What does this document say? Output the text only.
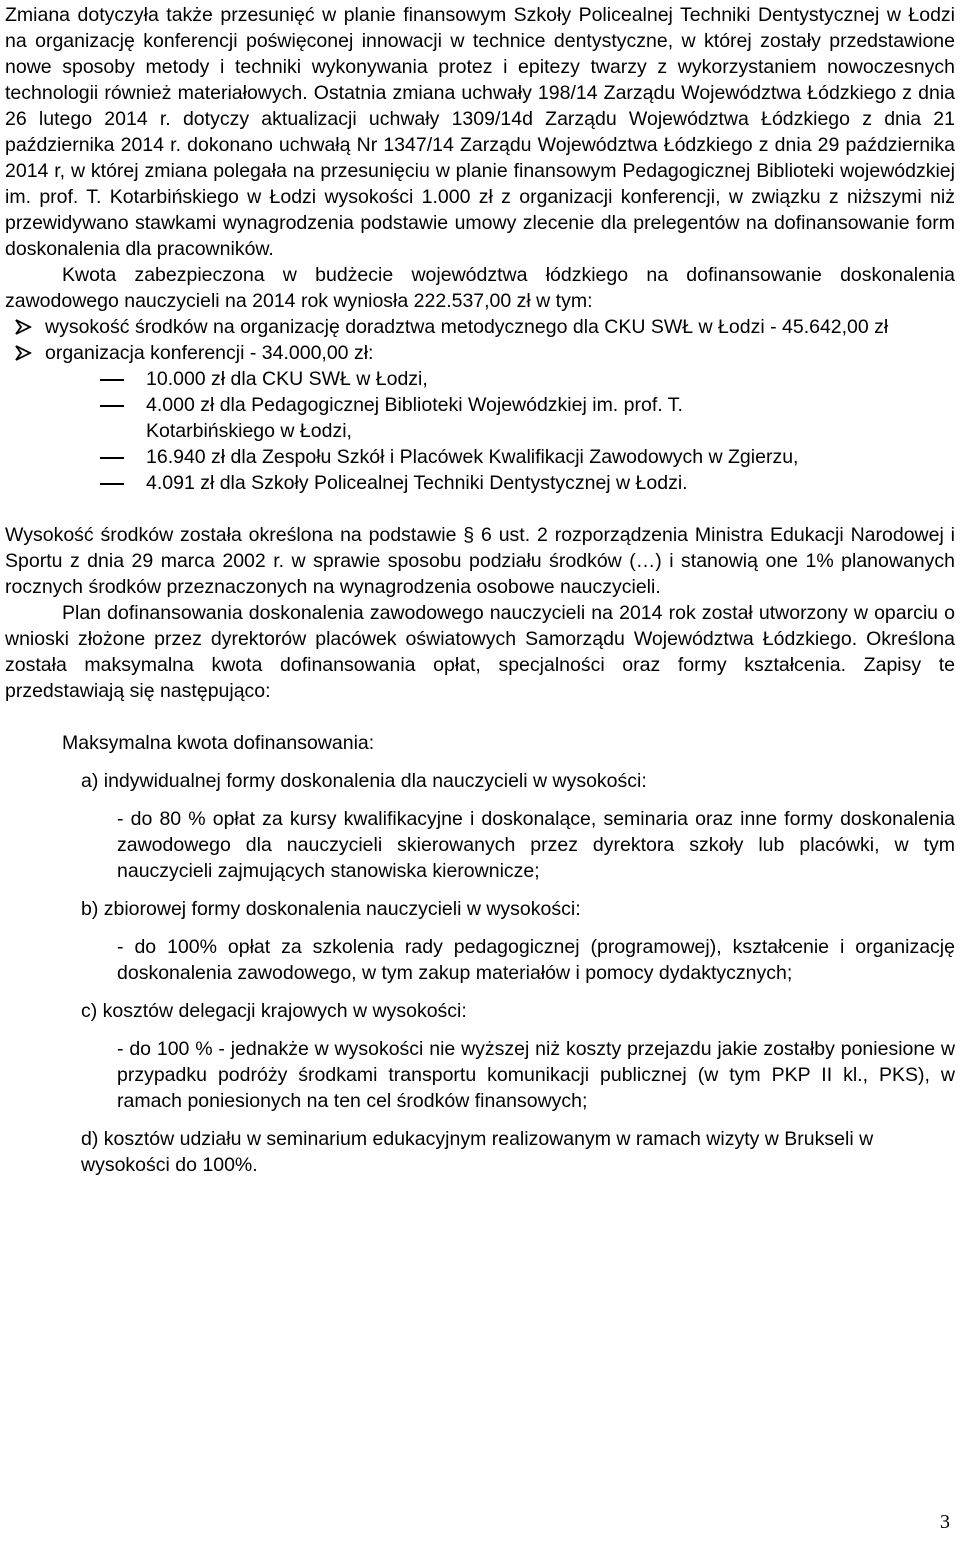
Zmiana dotyczyła także przesunięć w planie finansowym Szkoły Policealnej Techniki Dentystycznej w Łodzi na organizację konferencji poświęconej innowacji w technice dentystyczne, w której zostały przedstawione nowe sposoby metody i techniki wykonywania protez i epitezy twarzy z wykorzystaniem nowoczesnych technologii również materiałowych. Ostatnia zmiana uchwały 198/14 Zarządu Województwa Łódzkiego z dnia 26 lutego 2014 r. dotyczy aktualizacji uchwały 1309/14d Zarządu Województwa Łódzkiego z dnia 21 października 2014 r. dokonano uchwałą Nr 1347/14 Zarządu Województwa Łódzkiego z dnia 29 października 2014 r, w której zmiana polegała na przesunięciu w planie finansowym Pedagogicznej Biblioteki wojewódzkiej im. prof. T. Kotarbińskiego w Łodzi wysokości 1.000 zł z organizacji konferencji, w związku z niższymi niż przewidywano stawkami wynagrodzenia podstawie umowy zlecenie dla prelegentów na dofinansowanie form doskonalenia dla pracowników.

Kwota zabezpieczona w budżecie województwa łódzkiego na dofinansowanie doskonalenia zawodowego nauczycieli na 2014 rok wyniosła 222.537,00 zł w tym:

wysokość środków na organizację doradztwa metodycznego dla CKU SWŁ w Łodzi - 45.642,00 zł
organizacja konferencji - 34.000,00 zł:
10.000 zł dla CKU SWŁ w Łodzi,
4.000 zł dla Pedagogicznej Biblioteki Wojewódzkiej im. prof. T. Kotarbińskiego w Łodzi,
16.940 zł dla Zespołu Szkół i Placówek Kwalifikacji Zawodowych w Zgierzu,
4.091 zł dla Szkoły Policealnej Techniki Dentystycznej w Łodzi.

Wysokość środków została określona na podstawie § 6 ust. 2 rozporządzenia Ministra Edukacji Narodowej i Sportu z dnia 29 marca 2002 r. w sprawie sposobu podziału środków (…) i stanowią one 1% planowanych rocznych środków przeznaczonych na wynagrodzenia osobowe nauczycieli.

Plan dofinansowania doskonalenia zawodowego nauczycieli na 2014 rok został utworzony w oparciu o wnioski złożone przez dyrektorów placówek oświatowych Samorządu Województwa Łódzkiego. Określona została maksymalna kwota dofinansowania opłat, specjalności oraz formy kształcenia. Zapisy te przedstawiają się następująco:

Maksymalna kwota dofinansowania:

a) indywidualnej formy doskonalenia dla nauczycieli w wysokości:

- do 80 % opłat za kursy kwalifikacyjne i doskonalące, seminaria oraz inne formy doskonalenia zawodowego dla nauczycieli skierowanych przez dyrektora szkoły lub placówki, w tym nauczycieli zajmujących stanowiska kierownicze;

b) zbiorowej formy doskonalenia nauczycieli w wysokości:

- do 100% opłat za szkolenia rady pedagogicznej (programowej), kształcenie i organizację doskonalenia zawodowego, w tym zakup materiałów i pomocy dydaktycznych;

c) kosztów delegacji krajowych w wysokości:

- do 100 % - jednakże w wysokości nie wyższej niż koszty przejazdu jakie zostałby poniesione w przypadku podróży środkami transportu komunikacji publicznej (w tym PKP II kl., PKS), w ramach poniesionych na ten cel środków finansowych;

d) kosztów udziału w seminarium edukacyjnym realizowanym w ramach wizyty w Brukseli w wysokości do 100%.

3
